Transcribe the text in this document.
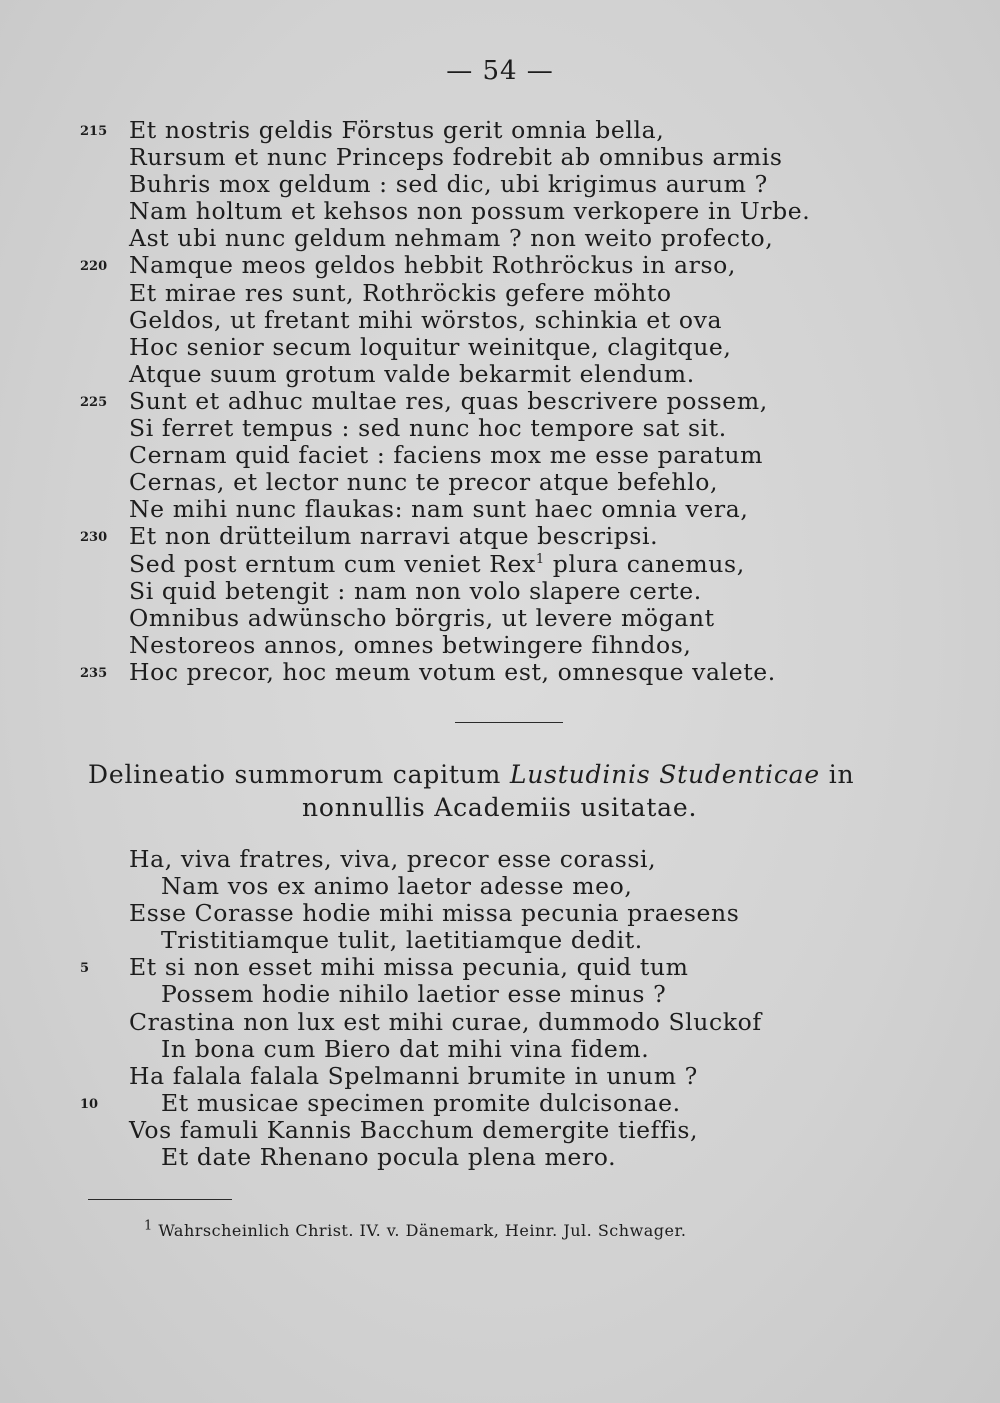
— 54 —
215 Et nostris geldis Förstus gerit omnia bella,
Rursum et nunc Princeps fodrebit ab omnibus armis
Buhris mox geldum : sed dic, ubi krigimus aurum ?
Nam holtum et kehsos non possum verkopere in Urbe.
Ast ubi nunc geldum nehmam ? non weito profecto,
220 Namque meos geldos hebbit Rothröckus in arso,
Et mirae res sunt, Rothröckis gefere möhto
Geldos, ut fretant mihi wörstos, schinkia et ova
Hoc senior secum loquitur weinitque, clagitque,
Atque suum grotum valde bekarmit elendum.
225 Sunt et adhuc multae res, quas bescrivere possem,
Si ferret tempus : sed nunc hoc tempore sat sit.
Cernam quid faciet : faciens mox me esse paratum
Cernas, et lector nunc te precor atque befehlo,
Ne mihi nunc flaukas: nam sunt haec omnia vera,
230 Et non drütteilum narravi atque bescripsi.
Sed post erntum cum veniet Rex$^1$ plura canemus,
Si quid betengit : nam non volo slapere certe.
Omnibus adwünscho börgris, ut levere mögant
Nestoreos annos, omnes betwingere fihndos,
235 Hoc precor, hoc meum votum est, omnesque valete.
Delineatio summorum capitum Lustudinis Studenticae in
nonnullis Academiis usitatae.
Ha, viva fratres, viva, precor esse corassi,
Nam vos ex animo laetor adesse meo,
Esse Corasse hodie mihi missa pecunia praesens
Tristitiamque tulit, laetitiamque dedit.
5 Et si non esset mihi missa pecunia, quid tum
Possem hodie nihilo laetior esse minus ?
Crastina non lux est mihi curae, dummodo Sluckof
In bona cum Biero dat mihi vina fidem.
Ha falala falala Spelmanni brumite in unum ?
10	Et musicae specimen promite dulcisonae.
Vos famuli Kannis Bacchum demergite tieffis,
Et date Rhenano pocula plena mero.
$^1$ Wahrscheinlich Christ. IV. v. Dänemark, Heinr. Jul. Schwager.
